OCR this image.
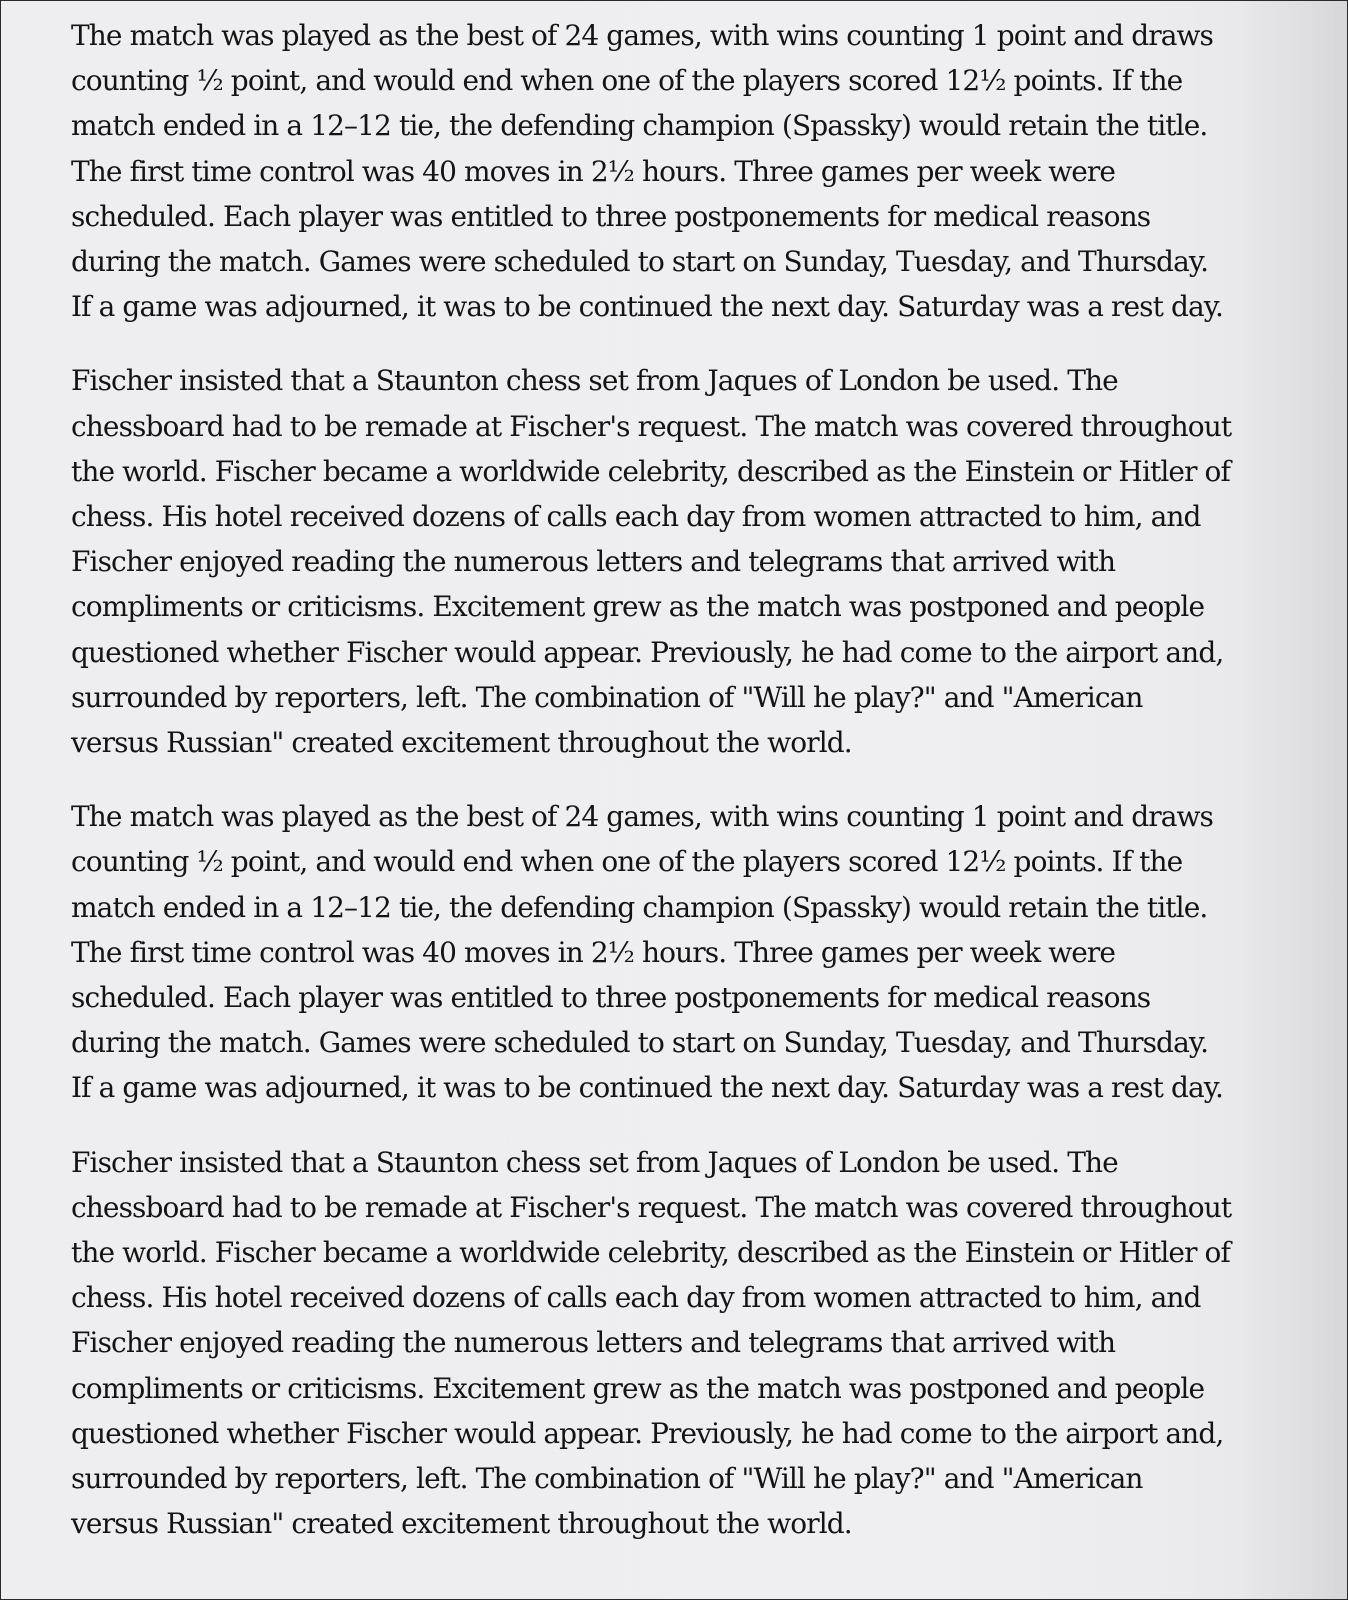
The match was played as the best of 24 games, with wins counting 1 point and draws
counting ½ point, and would end when one of the players scored 12½ points. If the
match ended in a 12–12 tie, the defending champion (Spassky) would retain the title.
The first time control was 40 moves in 2½ hours. Three games per week were
scheduled. Each player was entitled to three postponements for medical reasons
during the match. Games were scheduled to start on Sunday, Tuesday, and Thursday.
If a game was adjourned, it was to be continued the next day. Saturday was a rest day.
Fischer insisted that a Staunton chess set from Jaques of London be used. The
chessboard had to be remade at Fischer's request. The match was covered throughout
the world. Fischer became a worldwide celebrity, described as the Einstein or Hitler of
chess. His hotel received dozens of calls each day from women attracted to him, and
Fischer enjoyed reading the numerous letters and telegrams that arrived with
compliments or criticisms. Excitement grew as the match was postponed and people
questioned whether Fischer would appear. Previously, he had come to the airport and,
surrounded by reporters, left. The combination of "Will he play?" and "American
versus Russian" created excitement throughout the world.
The match was played as the best of 24 games, with wins counting 1 point and draws
counting ½ point, and would end when one of the players scored 12½ points. If the
match ended in a 12–12 tie, the defending champion (Spassky) would retain the title.
The first time control was 40 moves in 2½ hours. Three games per week were
scheduled. Each player was entitled to three postponements for medical reasons
during the match. Games were scheduled to start on Sunday, Tuesday, and Thursday.
If a game was adjourned, it was to be continued the next day. Saturday was a rest day.
Fischer insisted that a Staunton chess set from Jaques of London be used. The
chessboard had to be remade at Fischer's request. The match was covered throughout
the world. Fischer became a worldwide celebrity, described as the Einstein or Hitler of
chess. His hotel received dozens of calls each day from women attracted to him, and
Fischer enjoyed reading the numerous letters and telegrams that arrived with
compliments or criticisms. Excitement grew as the match was postponed and people
questioned whether Fischer would appear. Previously, he had come to the airport and,
surrounded by reporters, left. The combination of "Will he play?" and "American
versus Russian" created excitement throughout the world.
